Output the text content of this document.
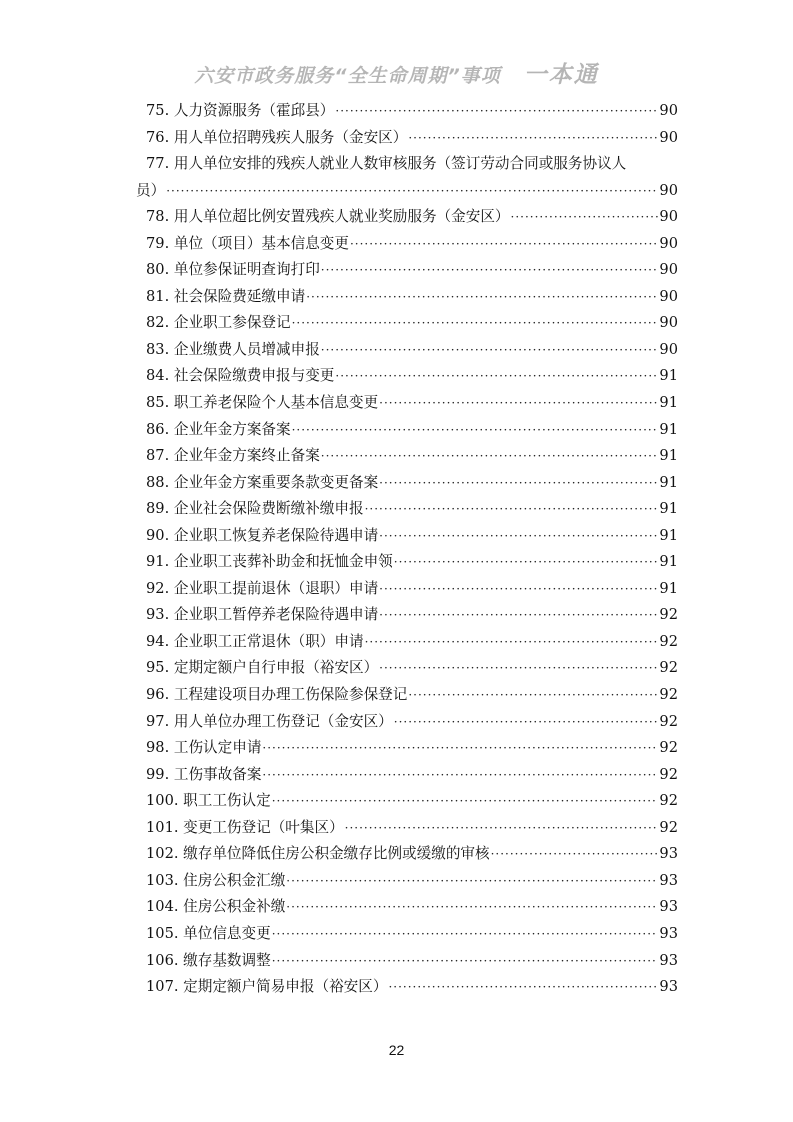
六安市政务服务“全生命周期”事项 一本通
75. 人力资源服务（霍邱县） ·····	90
76. 用人单位招聘残疾人服务（金安区） ·····	90
77. 用人单位安排的残疾人就业人数审核服务（签订劳动合同或服务协议人
员） ·····	90
78. 用人单位超比例安置残疾人就业奖励服务（金安区） ·····	90
79. 单位（项目）基本信息变更 ·····	90
80. 单位参保证明查询打印 ·····	90
81. 社会保险费延缴申请 ·····	90
82. 企业职工参保登记 ·····	90
83. 企业缴费人员增减申报 ·····	90
84. 社会保险缴费申报与变更 ·····	91
85. 职工养老保险个人基本信息变更 ·····	91
86. 企业年金方案备案 ·····	91
87. 企业年金方案终止备案 ·····	91
88. 企业年金方案重要条款变更备案 ·····	91
89. 企业社会保险费断缴补缴申报 ·····	91
90. 企业职工恢复养老保险待遇申请 ·····	91
91. 企业职工丧葬补助金和抚恤金申领 ·····	91
92. 企业职工提前退休（退职）申请 ·····	91
93. 企业职工暂停养老保险待遇申请 ·····	92
94. 企业职工正常退休（职）申请 ·····	92
95. 定期定额户自行申报（裕安区） ·····	92
96. 工程建设项目办理工伤保险参保登记 ·····	92
97. 用人单位办理工伤登记（金安区） ·····	92
98. 工伤认定申请 ·····	92
99. 工伤事故备案 ·····	92
100. 职工工伤认定 ·····	92
101. 变更工伤登记（叶集区） ·····	92
102. 缴存单位降低住房公积金缴存比例或缓缴的审核 ·····	93
103. 住房公积金汇缴 ·····	93
104. 住房公积金补缴 ·····	93
105. 单位信息变更 ·····	93
106. 缴存基数调整 ·····	93
107. 定期定额户简易申报（裕安区） ·····	93
22
